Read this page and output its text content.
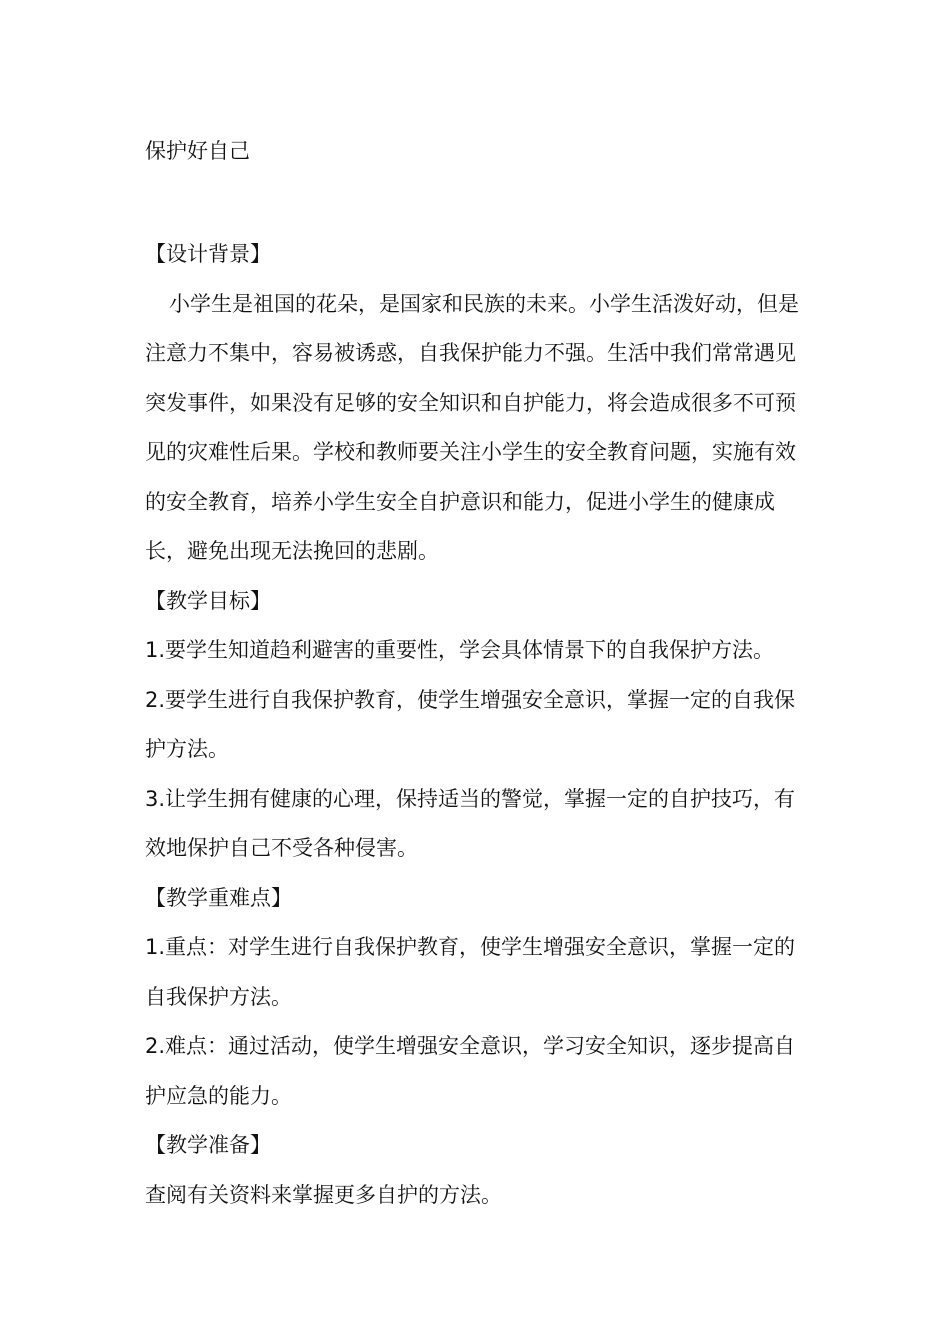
保护好自己

【设计背景】

小学生是祖国的花朵，是国家和民族的未来。小学生活泼好动，但是注意力不集中，容易被诱惑，自我保护能力不强。生活中我们常常遇见突发事件，如果没有足够的安全知识和自护能力，将会造成很多不可预见的灾难性后果。学校和教师要关注小学生的安全教育问题，实施有效的安全教育，培养小学生安全自护意识和能力，促进小学生的健康成长，避免出现无法挽回的悲剧。

【教学目标】

1.要学生知道趋利避害的重要性，学会具体情景下的自我保护方法。

2.要学生进行自我保护教育，使学生增强安全意识，掌握一定的自我保护方法。

3.让学生拥有健康的心理，保持适当的警觉，掌握一定的自护技巧，有效地保护自己不受各种侵害。

【教学重难点】

1.重点：对学生进行自我保护教育，使学生增强安全意识，掌握一定的自我保护方法。

2.难点：通过活动，使学生增强安全意识，学习安全知识，逐步提高自护应急的能力。

【教学准备】

查阅有关资料来掌握更多自护的方法。
